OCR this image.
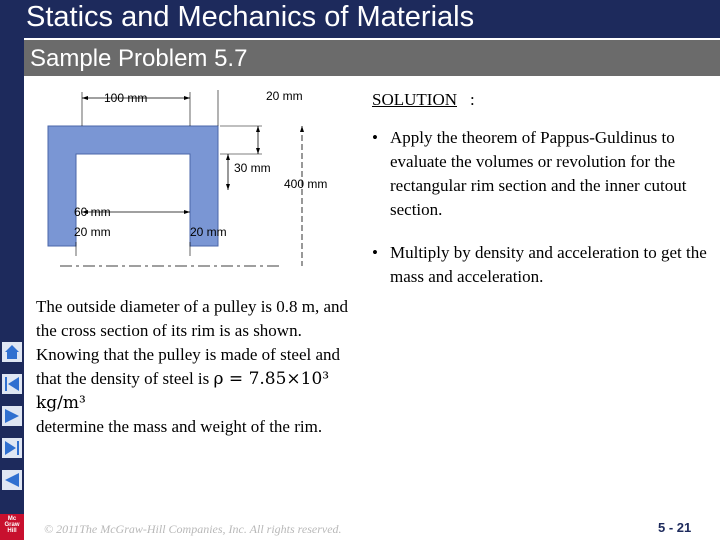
Statics and Mechanics of Materials
Sample Problem 5.7
Mc
Graw
Hill
100 mm	20 mm
30 mm
400 mm
60 mm
20 mm	20 mm
SOLUTION :
• Apply the theorem of Pappus-Guldinus to evaluate the volumes or revolution for the rectangular rim section and the inner cutout section.
• Multiply by density and acceleration to get the mass and acceleration.
The outside diameter of a pulley is 0.8 m, and the cross section of its rim is as shown. Knowing that the pulley is made of steel and that the density of steel is ρ = 7.85×10³ kg/m³
determine the mass and weight of the rim.
© 2011The McGraw-Hill Companies, Inc. All rights reserved.	5 - 21
